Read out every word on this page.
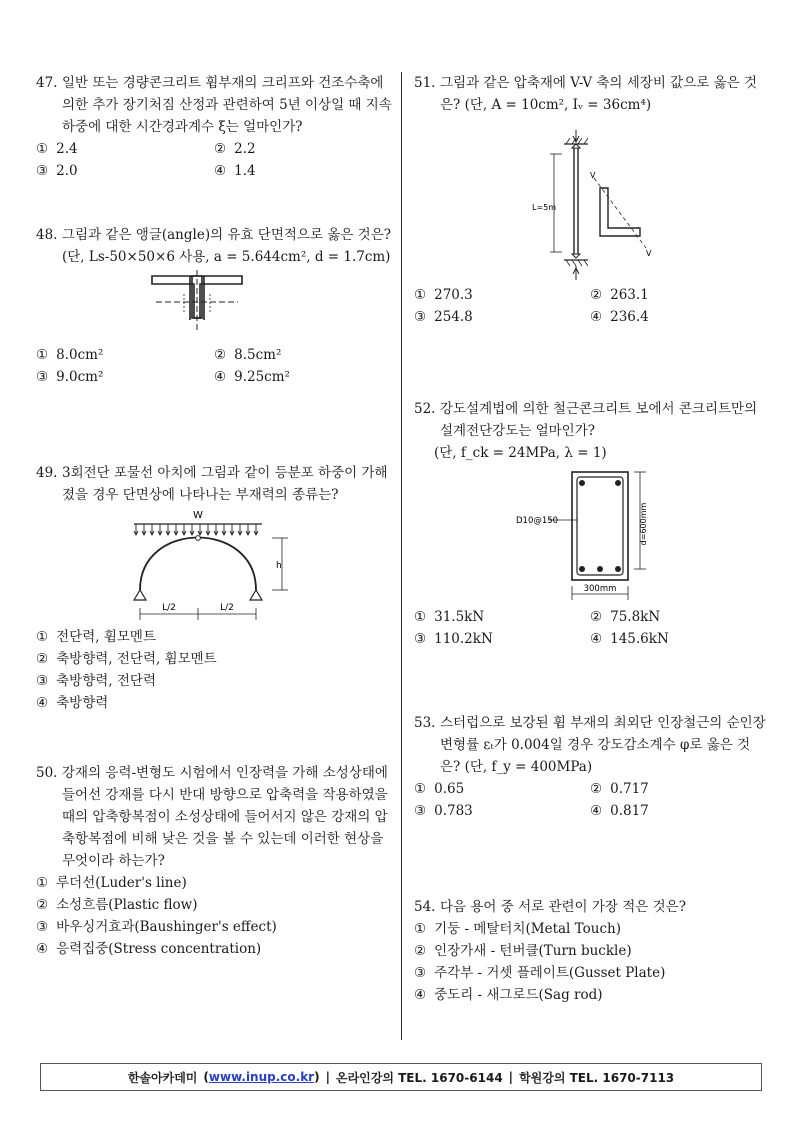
47. 일반 또는 경량콘크리트 휨부재의 크리프와 건조수축에 의한 추가 장기처짐 산정과 관련하여 5년 이상일 때 지속하중에 대한 시간경과계수 ξ는 얼마인가?
① 2.4	② 2.2
③ 2.0	④ 1.4
48. 그림과 같은 앵글(angle)의 유효 단면적으로 옳은 것은? (단, Ls-50×50×6 사용, a = 5.644cm², d = 1.7cm)
① 8.0cm²	② 8.5cm²
③ 9.0cm²	④ 9.25cm²
49. 3회전단 포물선 아치에 그림과 같이 등분포 하중이 가해졌을 경우 단면상에 나타나는 부재력의 종류는?
W
h
L/2	L/2
① 전단력, 휨모멘트
② 축방향력, 전단력, 휨모멘트
③ 축방향력, 전단력
④ 축방향력
50. 강재의 응력-변형도 시험에서 인장력을 가해 소성상태에 들어선 강재를 다시 반대 방향으로 압축력을 작용하였을 때의 압축항복점이 소성상태에 들어서지 않은 강재의 압축항복점에 비해 낮은 것을 볼 수 있는데 이러한 현상을 무엇이라 하는가?
① 루더선(Luder's line)
② 소성흐름(Plastic flow)
③ 바우싱거효과(Baushinger's effect)
④ 응력집중(Stress concentration)
51. 그림과 같은 압축재에 V-V 축의 세장비 값으로 옳은 것은? (단, A = 10cm², Iᵥ = 36cm⁴)
L=5m
V
V
① 270.3	② 263.1
③ 254.8	④ 236.4
52. 강도설계법에 의한 철근콘크리트 보에서 콘크리트만의 설계전단강도는 얼마인가?
(단, f_ck = 24MPa, λ = 1)
D10@150	d=600mm
300mm
① 31.5kN	② 75.8kN
③ 110.2kN	④ 145.6kN
53. 스터럽으로 보강된 휨 부재의 최외단 인장철근의 순인장 변형률 εₜ가 0.004일 경우 강도감소계수 φ로 옳은 것은? (단, f_y = 400MPa)
① 0.65	② 0.717
③ 0.783	④ 0.817
54. 다음 용어 중 서로 관련이 가장 적은 것은?
① 기둥 - 메탈터치(Metal Touch)
② 인장가새 - 턴버클(Turn buckle)
③ 주각부 - 거셋 플레이트(Gusset Plate)
④ 중도리 - 새그로드(Sag rod)
한솔아카데미 (www.inup.co.kr) | 온라인강의 TEL. 1670-6144 | 학원강의 TEL. 1670-7113
